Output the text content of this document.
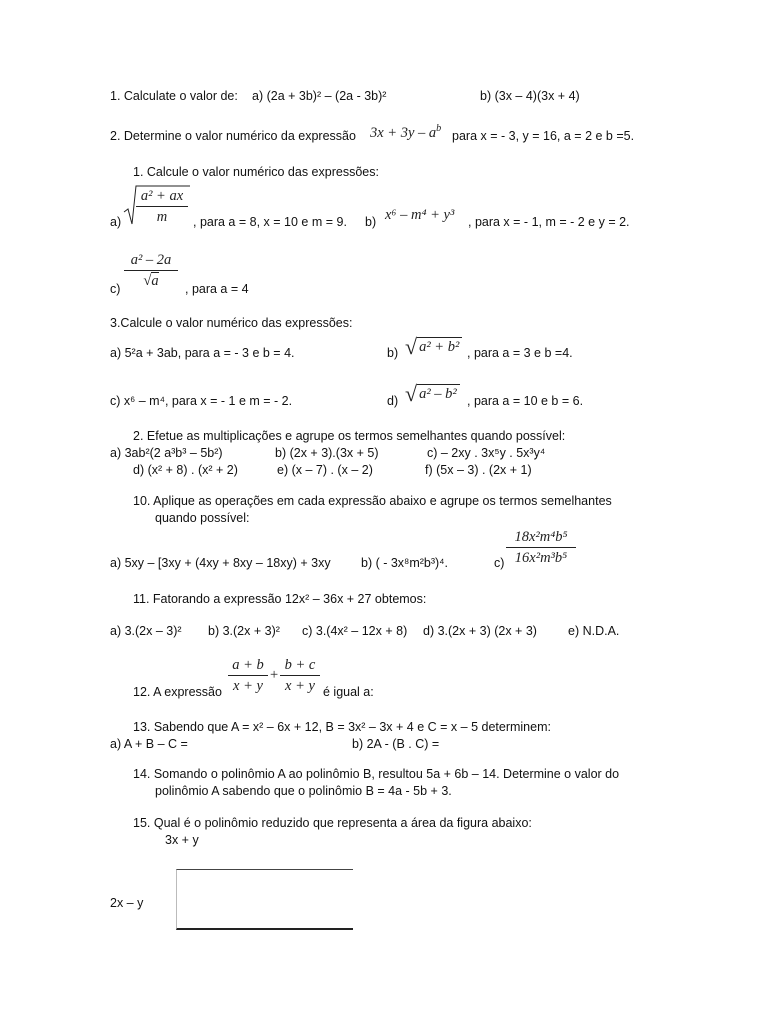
1. Calculate o valor de: a) (2a + 3b)² – (2a - 3b)²	b) (3x – 4)(3x + 4)
2. Determine o valor numérico da expressão $3x + 3y - a^b$
para x = - 3, y = 16, a = 2 e b =5.
1. Calcule o valor numérico das expressões:
a)
a² + ax
m	, para a = 8, x = 10 e m = 9. b) x⁶ – m⁴ + y³ , para x = - 1, m = - 2 e y = 2.
a² – 2a
√a
c)	, para a = 4
3.Calcule o valor numérico das expressões:
a) 5²a + 3ab, para a = - 3 e b = 4.	b) √ a² + b² , para a = 3 e b =4.
c) x⁶ – m⁴, para x = - 1 e m = - 2.	d) √ a² – b² , para a = 10 e b = 6.
2. Efetue as multiplicações e agrupe os termos semelhantes quando possível:
a) 3ab²(2 a³b³ – 5b²)	b) (2x + 3).(3x + 5)	c) – 2xy . 3x⁵y . 5x³y⁴
d) (x² + 8) . (x² + 2)	e) (x – 7) . (x – 2)	f) (5x – 3) . (2x + 1)
10. Aplique as operações em cada expressão abaixo e agrupe os termos semelhantes
quando possível:
a) 5xy – [3xy + (4xy + 8xy – 18xy) + 3xy b) ( - 3x⁸m²b³)⁴.	c)
18x²m⁴b⁵
16x²m³b⁵
11. Fatorando a expressão 12x² – 36x + 27 obtemos:
a) 3.(2x – 3)² b) 3.(2x + 3)² c) 3.(4x² – 12x + 8) d) 3.(2x + 3) (2x + 3) e) N.D.A.
12. A expressão
a + b
x + y
+
b + c
x + y é igual a:
13. Sabendo que A = x² – 6x + 12, B = 3x² – 3x + 4 e C = x – 5 determinem:
a) A + B – C =	b) 2A - (B . C) =
14. Somando o polinômio A ao polinômio B, resultou 5a + 6b – 14. Determine o valor do
polinômio A sabendo que o polinômio B = 4a - 5b + 3.
15. Qual é o polinômio reduzido que representa a área da figura abaixo:
3x + y
2x – y
